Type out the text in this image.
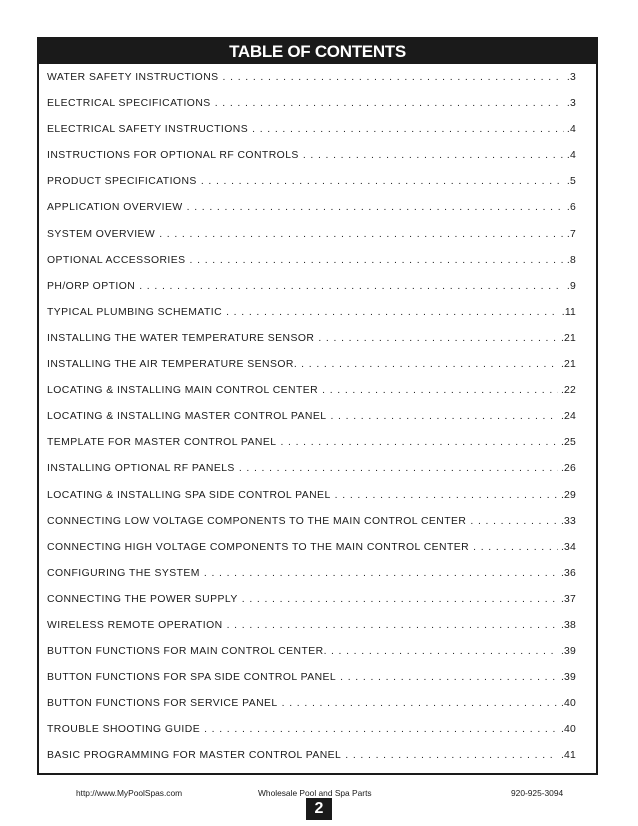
TABLE OF CONTENTS
WATER SAFETY INSTRUCTIONS . . .	.3
ELECTRICAL SPECIFICATIONS . . .	.3
ELECTRICAL SAFETY INSTRUCTIONS . . .	.4
INSTRUCTIONS FOR OPTIONAL RF CONTROLS . . .	.4
PRODUCT SPECIFICATIONS . . .	.5
APPLICATION OVERVIEW . . .	.6
SYSTEM OVERVIEW . . .	.7
OPTIONAL ACCESSORIES . . .	.8
PH/ORP OPTION . . .	.9
TYPICAL PLUMBING SCHEMATIC . . .	.11
INSTALLING THE WATER TEMPERATURE SENSOR . . .	.21
INSTALLING THE AIR TEMPERATURE SENSOR. . . .	.21
LOCATING & INSTALLING MAIN CONTROL CENTER . . .	.22
LOCATING & INSTALLING MASTER CONTROL PANEL . . .	.24
TEMPLATE FOR MASTER CONTROL PANEL . . .	.25
INSTALLING OPTIONAL RF PANELS . . .	.26
LOCATING & INSTALLING SPA SIDE CONTROL PANEL . . .	.29
CONNECTING LOW VOLTAGE COMPONENTS TO THE MAIN CONTROL CENTER . . .	.33
CONNECTING HIGH VOLTAGE COMPONENTS TO THE MAIN CONTROL CENTER . . .	.34
CONFIGURING THE SYSTEM . . .	.36
CONNECTING THE POWER SUPPLY . . .	.37
WIRELESS REMOTE OPERATION . . .	.38
BUTTON FUNCTIONS FOR MAIN CONTROL CENTER. . . .	.39
BUTTON FUNCTIONS FOR SPA SIDE CONTROL PANEL . . .	.39
BUTTON FUNCTIONS FOR SERVICE PANEL . . .	.40
TROUBLE SHOOTING GUIDE . . .	.40
BASIC PROGRAMMING FOR MASTER CONTROL PANEL . . .	.41
http://www.MyPoolSpas.com	Wholesale Pool and Spa Parts	920-925-3094
2
